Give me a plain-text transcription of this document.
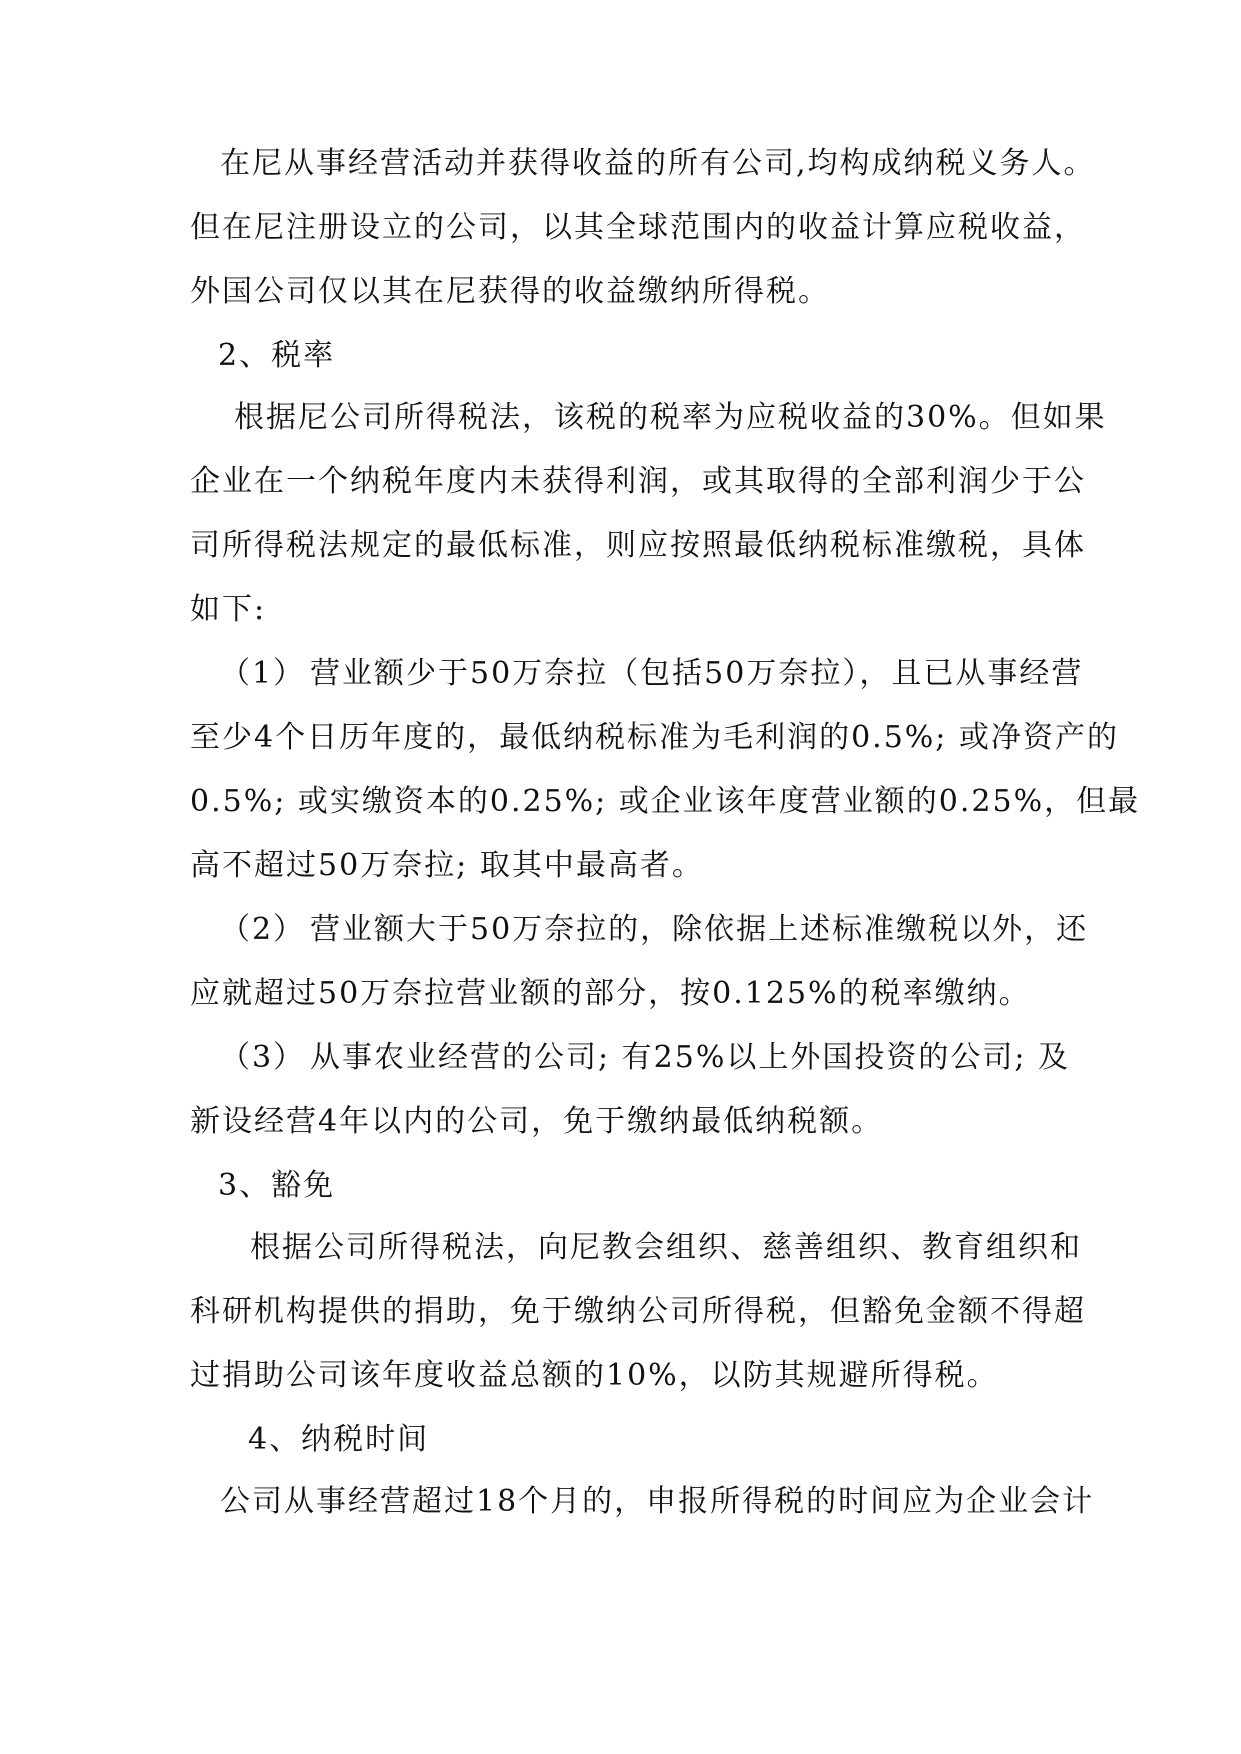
在尼从事经营活动并获得收益的所有公司,均构成纳税义务人。
但在尼注册设立的公司，以其全球范围内的收益计算应税收益，
外国公司仅以其在尼获得的收益缴纳所得税。

2、税率

根据尼公司所得税法，该税的税率为应税收益的30%。但如果
企业在一个纳税年度内未获得利润，或其取得的全部利润少于公
司所得税法规定的最低标准，则应按照最低纳税标准缴税，具体
如下:

（1） 营业额少于50万奈拉（包括50万奈拉），且已从事经营
至少4个日历年度的，最低纳税标准为毛利润的0.5%; 或净资产的
0.5%; 或实缴资本的0.25%; 或企业该年度营业额的0.25%，但最
高不超过50万奈拉; 取其中最高者。

（2） 营业额大于50万奈拉的，除依据上述标准缴税以外，还
应就超过50万奈拉营业额的部分，按0.125%的税率缴纳。

（3） 从事农业经营的公司; 有25%以上外国投资的公司; 及
新设经营4年以内的公司，免于缴纳最低纳税额。

3、豁免

根据公司所得税法，向尼教会组织、慈善组织、教育组织和
科研机构提供的捐助，免于缴纳公司所得税，但豁免金额不得超
过捐助公司该年度收益总额的10%，以防其规避所得税。

4、纳税时间

公司从事经营超过18个月的，申报所得税的时间应为企业会计
